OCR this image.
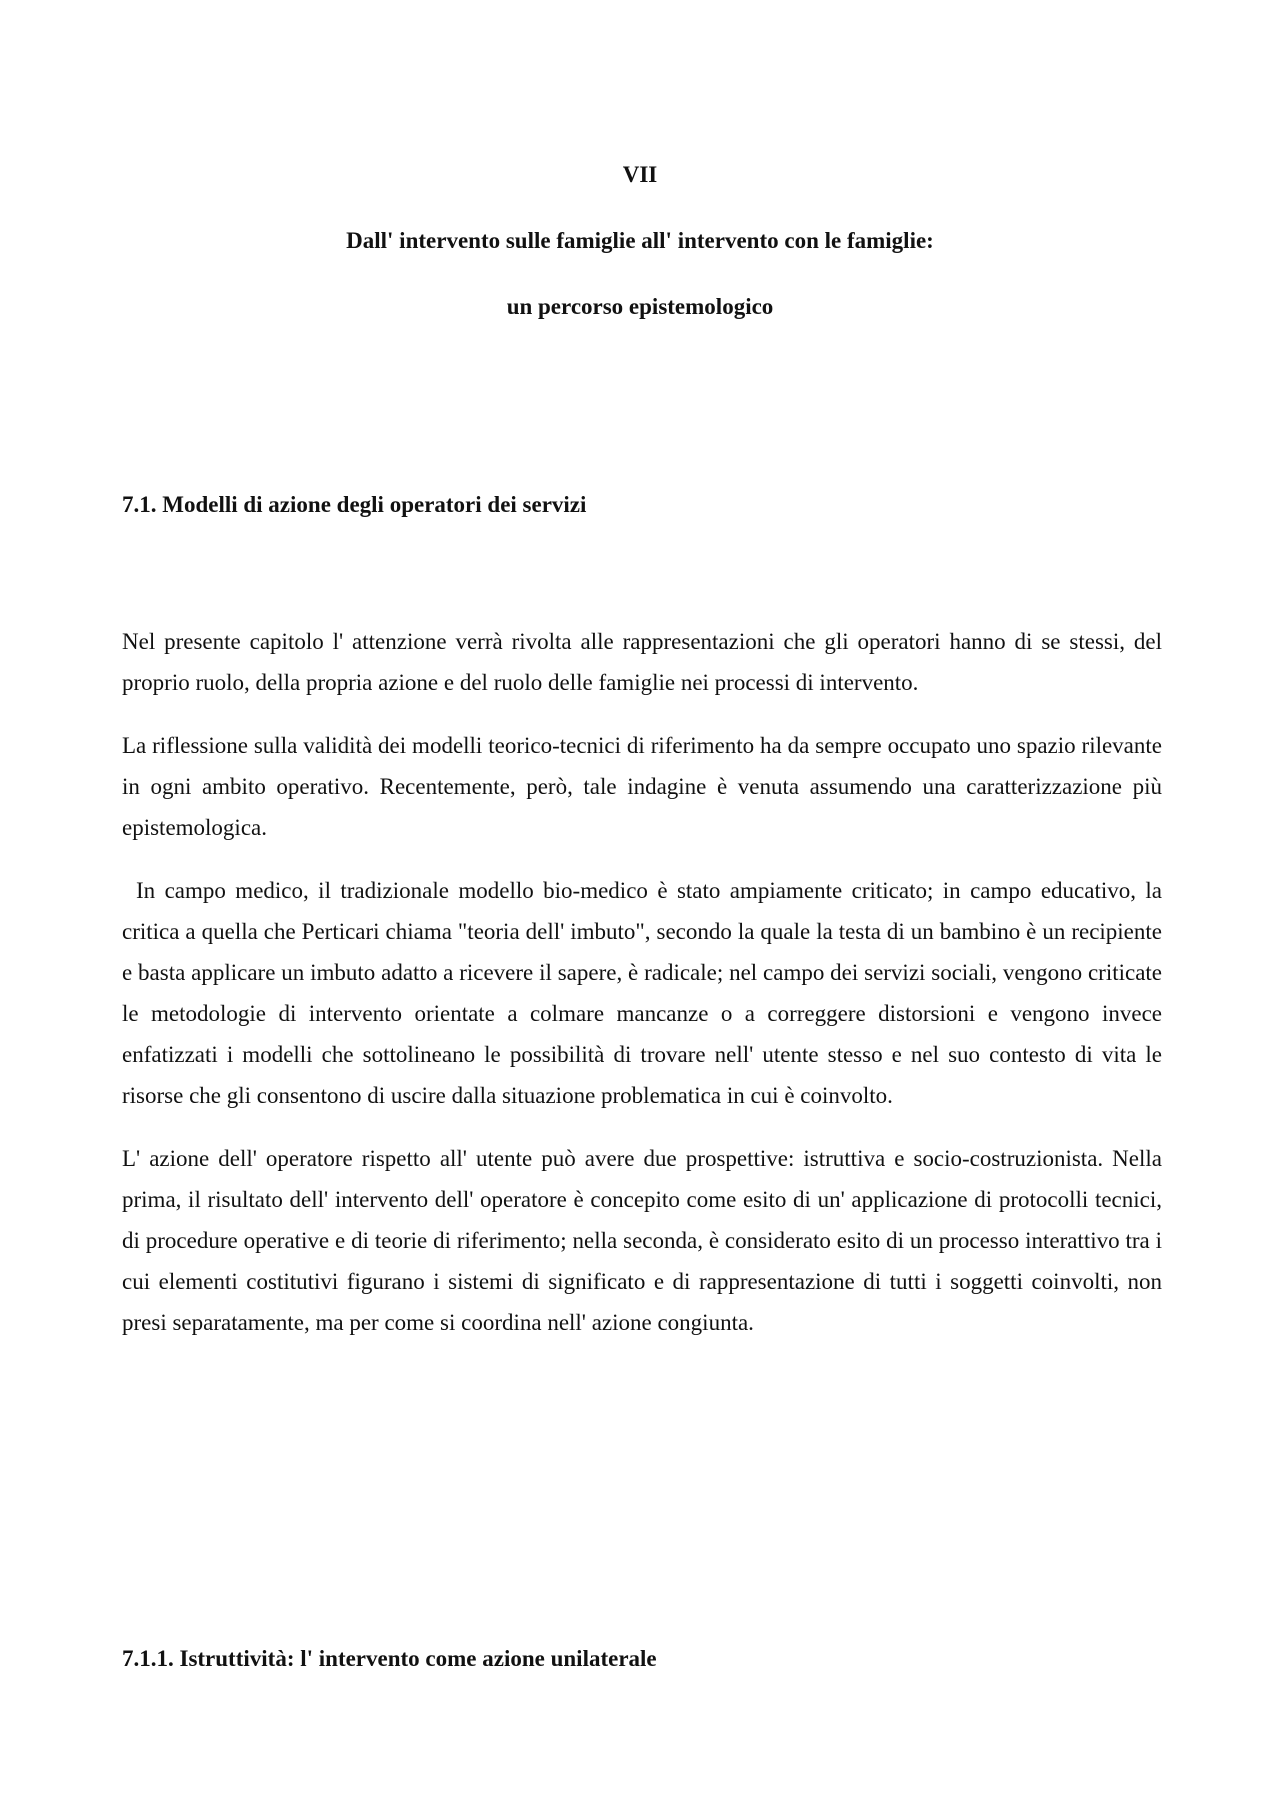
VII
Dall' intervento sulle famiglie all' intervento con le famiglie:
un percorso epistemologico
7.1. Modelli di azione degli operatori dei servizi

Nel presente capitolo l' attenzione verrà rivolta alle rappresentazioni che gli operatori hanno di se stessi, del proprio ruolo, della propria azione e del ruolo delle famiglie nei processi di intervento.

La riflessione sulla validità dei modelli teorico-tecnici di riferimento ha da sempre occupato uno spazio rilevante in ogni ambito operativo. Recentemente, però, tale indagine è venuta assumendo una caratterizzazione più epistemologica.

In campo medico, il tradizionale modello bio-medico è stato ampiamente criticato; in campo educativo, la critica a quella che Perticari chiama "teoria dell' imbuto", secondo la quale la testa di un bambino è un recipiente e basta applicare un imbuto adatto a ricevere il sapere, è radicale; nel campo dei servizi sociali, vengono criticate le metodologie di intervento orientate a colmare mancanze o a correggere distorsioni e vengono invece enfatizzati i modelli che sottolineano le possibilità di trovare nell' utente stesso e nel suo contesto di vita le risorse che gli consentono di uscire dalla situazione problematica in cui è coinvolto.

L' azione dell' operatore rispetto all' utente può avere due prospettive: istruttiva e socio-costruzionista. Nella prima, il risultato dell' intervento dell' operatore è concepito come esito di un' applicazione di protocolli tecnici, di procedure operative e di teorie di riferimento; nella seconda, è considerato esito di un processo interattivo tra i cui elementi costitutivi figurano i sistemi di significato e di rappresentazione di tutti i soggetti coinvolti, non presi separatamente, ma per come si coordina nell' azione congiunta.

7.1.1. Istruttività: l' intervento come azione unilaterale
